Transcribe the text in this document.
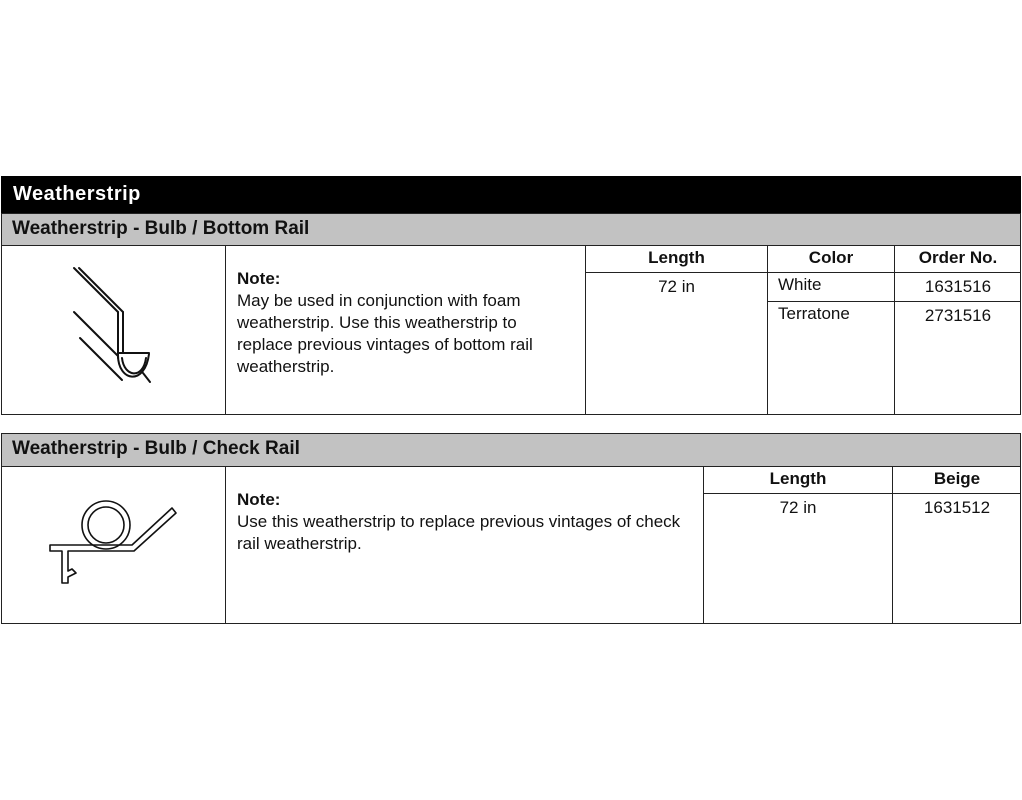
Weatherstrip
Weatherstrip - Bulb / Bottom Rail
Note:
May be used in conjunction with foam weatherstrip. Use this weatherstrip to replace previous vintages of bottom rail weatherstrip.
Length	Color	Order No.
72 in	White	1631516
Terratone	2731516
Weatherstrip - Bulb / Check Rail
Note:
Use this weatherstrip to replace previous vintages of check rail weatherstrip.
Length	Beige
72 in	1631512
